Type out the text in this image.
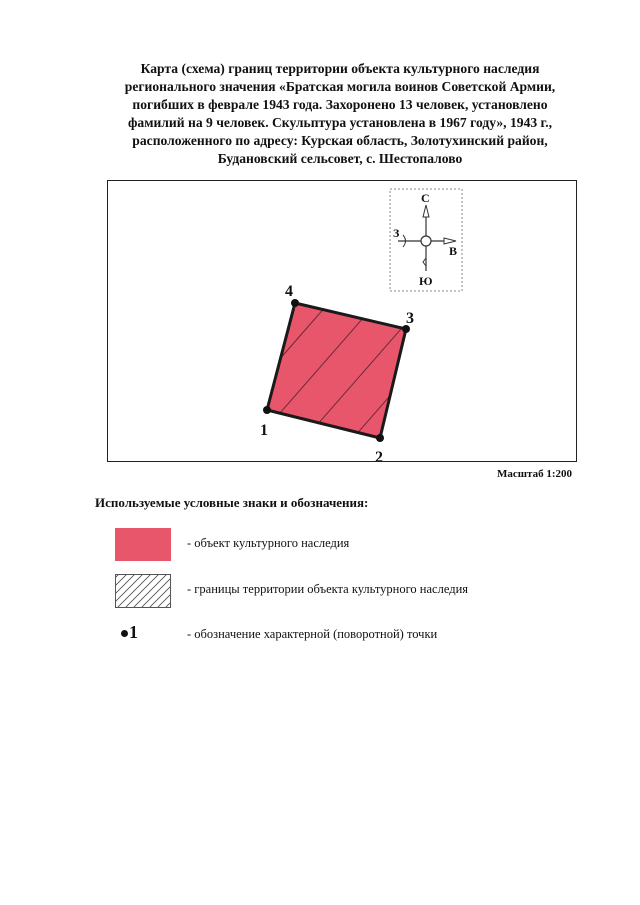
Карта (схема) границ территории объекта культурного наследия
регионального значения «Братская могила воинов Советской Армии,
погибших в феврале 1943 года. Захоронено 13 человек, установлено
фамилий на 9 человек. Скульптура установлена в 1967 году», 1943 г.,
расположенного по адресу: Курская область, Золотухинский район,
Будановский сельсовет, с. Шестопалово
1
2
3
4
С
Ю
В
З
Масштаб 1:200
Используемые условные знаки и обозначения:
- объект культурного наследия
- границы территории объекта культурного наследия
1	- обозначение характерной (поворотной) точки
